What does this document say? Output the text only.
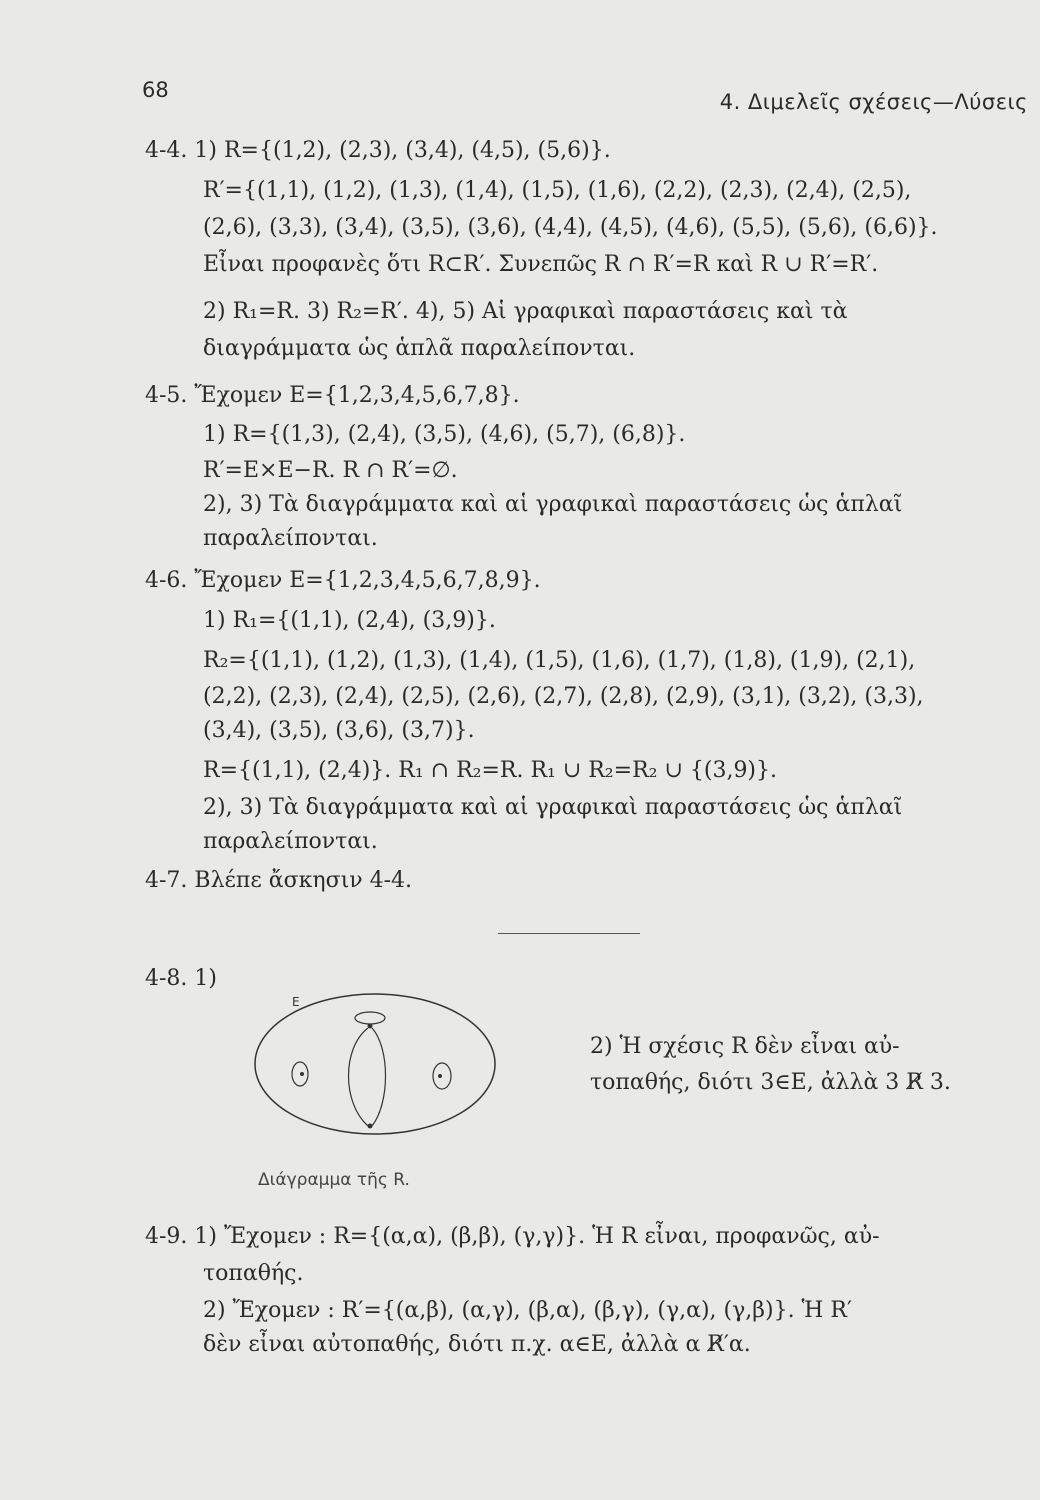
68	4. Διμελεῖς σχέσεις—Λύσεις
4-4. 1) R={(1,2), (2,3), (3,4), (4,5), (5,6)}.
R′={(1,1), (1,2), (1,3), (1,4), (1,5), (1,6), (2,2), (2,3), (2,4), (2,5),
(2,6), (3,3), (3,4), (3,5), (3,6), (4,4), (4,5), (4,6), (5,5), (5,6), (6,6)}.
Εἶναι προφανὲς ὅτι R⊂R′. Συνεπῶς R ∩ R′=R καὶ R ∪ R′=R′.
2) R₁=R. 3) R₂=R′. 4), 5) Αἱ γραφικαὶ παραστάσεις καὶ τὰ
διαγράμματα ὡς ἁπλᾶ παραλείπονται.
4-5. Ἔχομεν E={1,2,3,4,5,6,7,8}.
1) R={(1,3), (2,4), (3,5), (4,6), (5,7), (6,8)}.
R′=E×E−R. R ∩ R′=∅.
2), 3) Τὰ διαγράμματα καὶ αἱ γραφικαὶ παραστάσεις ὡς ἁπλαῖ
παραλείπονται.
4-6. Ἔχομεν E={1,2,3,4,5,6,7,8,9}.
1) R₁={(1,1), (2,4), (3,9)}.
R₂={(1,1), (1,2), (1,3), (1,4), (1,5), (1,6), (1,7), (1,8), (1,9), (2,1),
(2,2), (2,3), (2,4), (2,5), (2,6), (2,7), (2,8), (2,9), (3,1), (3,2), (3,3),
(3,4), (3,5), (3,6), (3,7)}.
R={(1,1), (2,4)}. R₁ ∩ R₂=R. R₁ ∪ R₂=R₂ ∪ {(3,9)}.
2), 3) Τὰ διαγράμματα καὶ αἱ γραφικαὶ παραστάσεις ὡς ἁπλαῖ
παραλείπονται.
4-7. Βλέπε ἄσκησιν 4-4.
4-8. 1)
E
Διάγραμμα τῆς R.
2) Ἡ σχέσις R δὲν εἶναι αὐ-
τοπαθής, διότι 3∈E, ἀλλὰ 3 R̸ 3.
4-9. 1) Ἔχομεν : R={(α,α), (β,β), (γ,γ)}. Ἡ R εἶναι, προφανῶς, αὐ-
τοπαθής.
2) Ἔχομεν : R′={(α,β), (α,γ), (β,α), (β,γ), (γ,α), (γ,β)}. Ἡ R′
δὲν εἶναι αὐτοπαθής, διότι π.χ. α∈E, ἀλλὰ α R̸′α.
